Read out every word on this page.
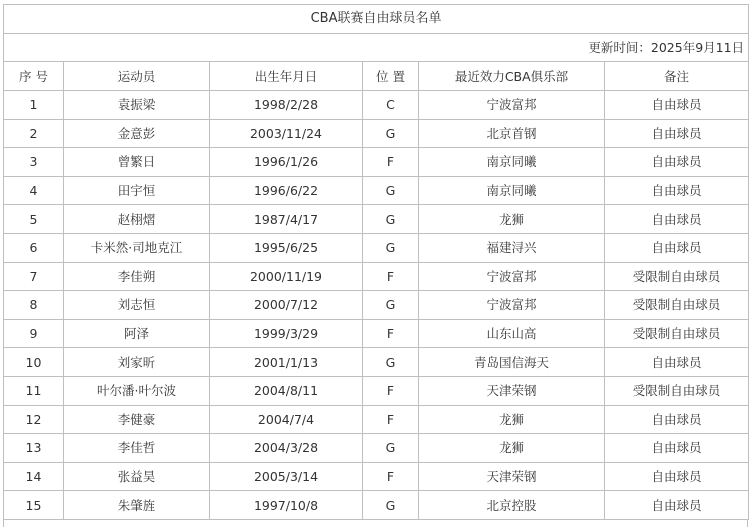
CBA联赛自由球员名单					
更新时间：2025年9月11日					
序 号	运动员	出生年月日	位 置	最近效力CBA俱乐部	备注
1	袁振梁	1998/2/28	C	宁波富邦	自由球员
2	金意彭	2003/11/24	G	北京首钢	自由球员
3	曾繁日	1996/1/26	F	南京同曦	自由球员
4	田宇恒	1996/6/22	G	南京同曦	自由球员
5	赵栩熠	1987/4/17	G	龙狮	自由球员
6	卡米然·司地克江	1995/6/25	G	福建浔兴	自由球员
7	李佳朔	2000/11/19	F	宁波富邦	受限制自由球员
8	刘志恒	2000/7/12	G	宁波富邦	受限制自由球员
9	阿泽	1999/3/29	F	山东山高	受限制自由球员
10	刘家昕	2001/1/13	G	青岛国信海天	自由球员
11	叶尔潘·叶尔波	2004/8/11	F	天津荣钢	受限制自由球员
12	李健豪	2004/7/4	F	龙狮	自由球员
13	李佳哲	2004/3/28	G	龙狮	自由球员
14	张益昊	2005/3/14	F	天津荣钢	自由球员
15	朱肇旌	1997/10/8	G	北京控股	自由球员
